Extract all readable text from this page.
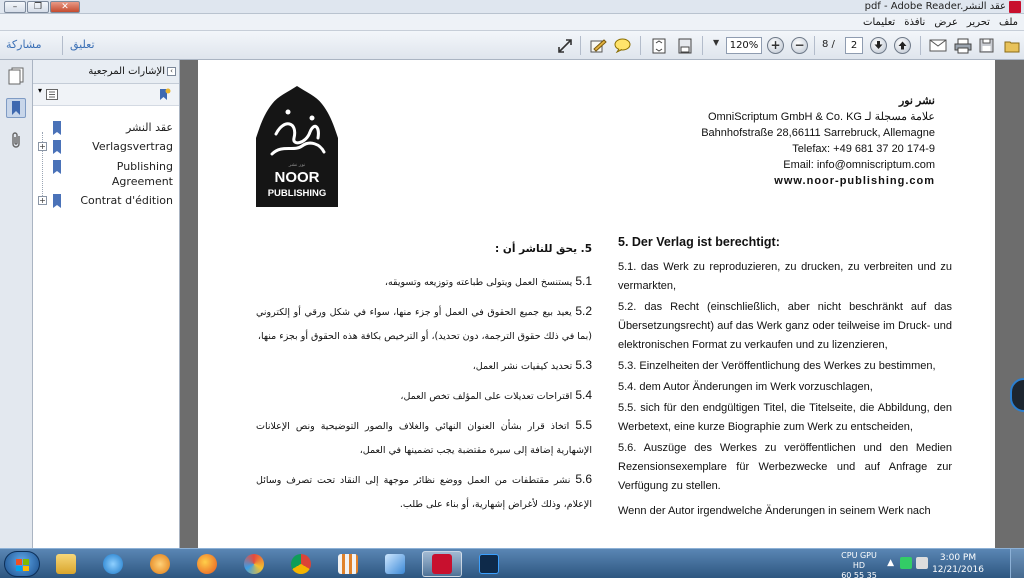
–	❐	✕	pdf - Adobe Reader.عقد النشر
ملف
تحرير
عرض
نافذة
تعليمات
مشاركة	تعليق	▼	120%	+ −	8 /	2
الإشارات المرجعية ‹
▾
عقد النشر
+	Verlagsvertrag
Publishing Agreement
+	Contrat d'édition
NOOR
PUBLISHING
نور نشر
نشر نور
OmniScriptum GmbH & Co. KG علامة مسجلة لـ
Bahnhofstraße 28,66111 Sarrebruck, Allemagne
Telefax: +49 681 37 20 174-9
Email: info@omniscriptum.com
www.noor-publishing.com
5. Der Verlag ist berechtigt:

5.1. das Werk zu reproduzieren, zu drucken, zu verbreiten und zu vermarkten,

5.2. das Recht (einschließlich, aber nicht beschränkt auf das Übersetzungsrecht) auf das Werk ganz oder teilweise im Druck- und elektronischen Format zu verkaufen und zu lizenzieren,

5.3. Einzelheiten der Veröffentlichung des Werkes zu bestimmen,

5.4. dem Autor Änderungen im Werk vorzuschlagen,

5.5. sich für den endgültigen Titel, die Titelseite, die Abbildung, den Werbetext, eine kurze Biographie zum Werk zu entscheiden,

5.6. Auszüge des Werkes zu veröffentlichen und den Medien Rezensionsexemplare für Werbezwecke und auf Anfrage zur Verfügung zu stellen.

Wenn der Autor irgendwelche Änderungen in seinem Werk nach

5. يحق للناشر أن :

5.1 يستنسخ العمل ويتولى طباعته وتوزيعه وتسويقه،

5.2 يعيد بيع جميع الحقوق في العمل أو جزء منها، سواء في شكل ورقي أو إلكتروني (بما في ذلك حقوق الترجمة، دون تحديد)، أو الترخيص بكافة هذه الحقوق أو بجزء منها،

5.3 تحديد كيفيات نشر العمل،

5.4 اقتراحات تعديلات على المؤلف تخص العمل،

5.5 اتخاذ قرار بشأن العنوان النهائي والغلاف والصور التوضيحية ونص الإعلانات الإشهارية إضافة إلى سيرة مقتضبة يجب تضمينها في العمل،

5.6 نشر مقتطفات من العمل ووضع نظائر موجهة إلى النقاد تحت تصرف وسائل الإعلام، وذلك لأغراض إشهارية، أو بناء على طلب.

CPU GPU HD
60 55 35
▲	3:00 PM
12/21/2016
